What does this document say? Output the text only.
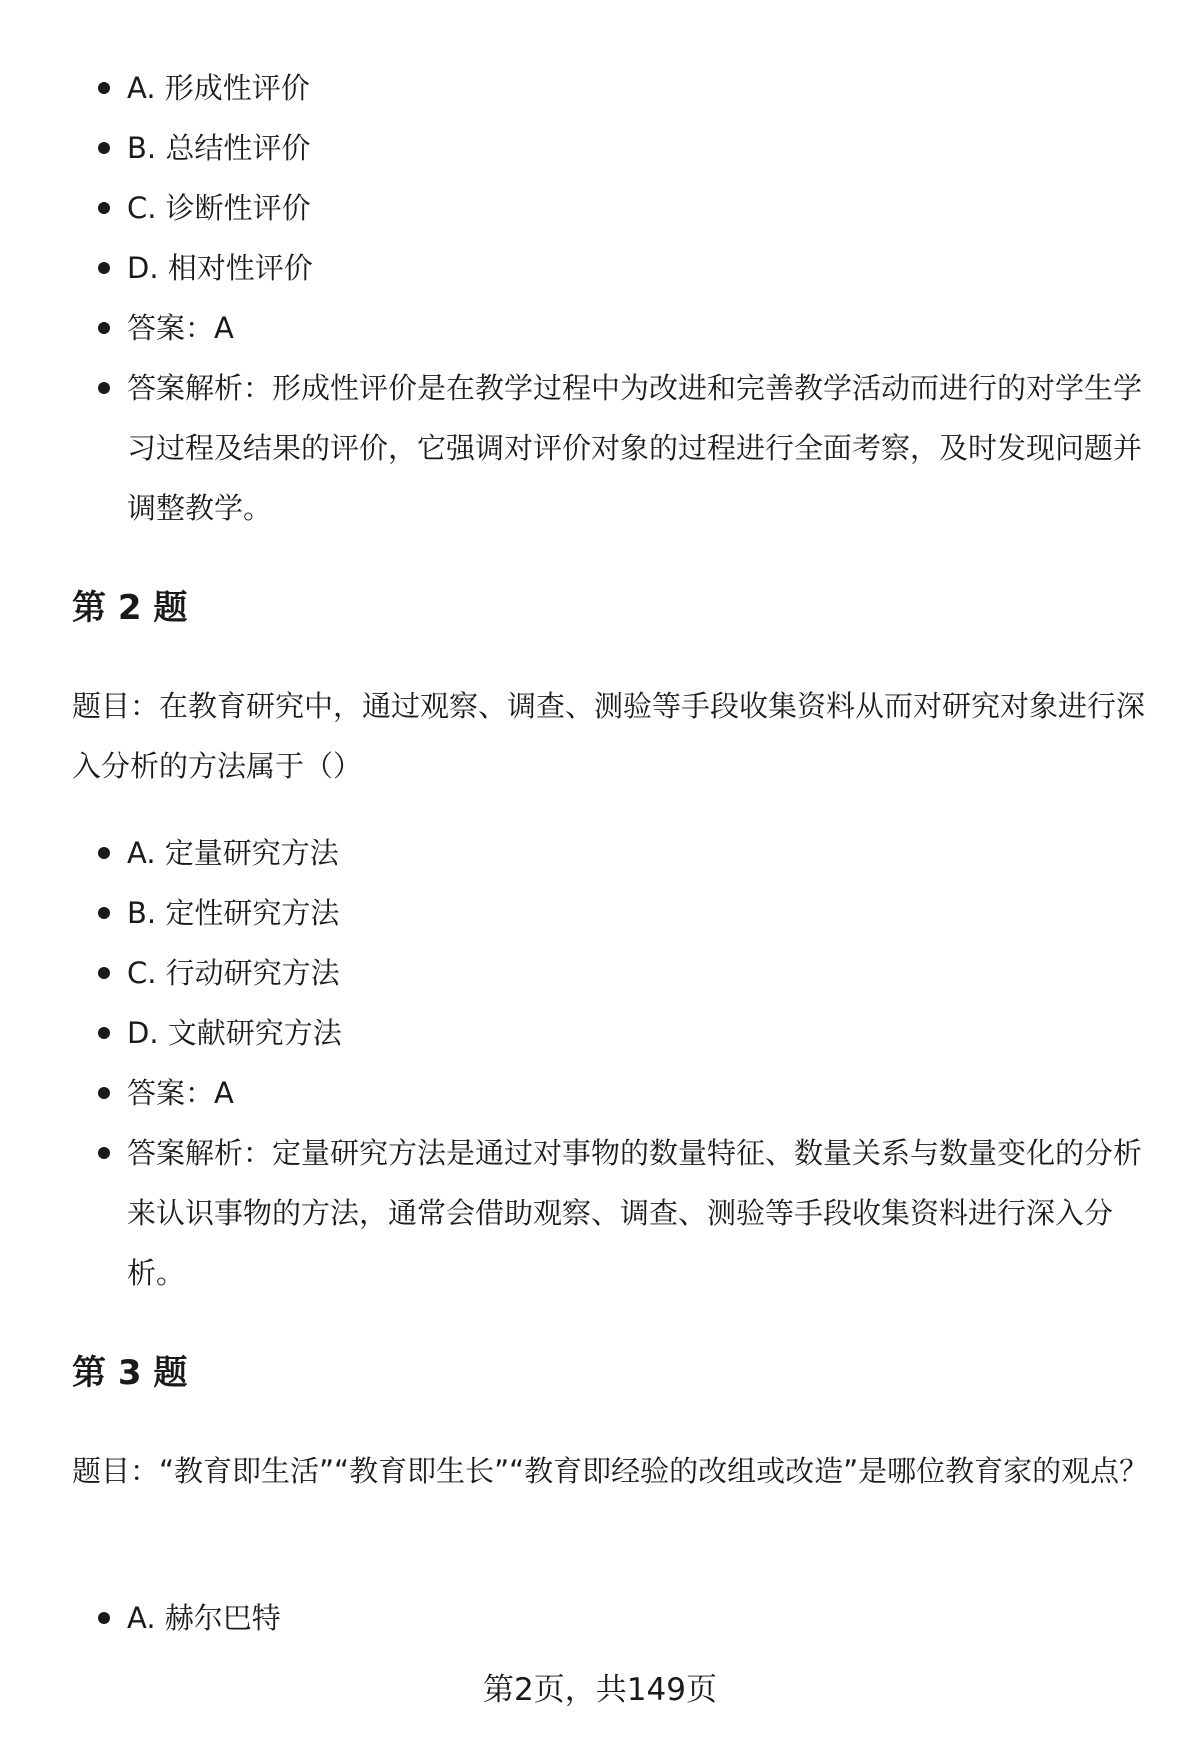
A. 形成性评价
B. 总结性评价
C. 诊断性评价
D. 相对性评价
答案：A
答案解析：形成性评价是在教学过程中为改进和完善教学活动而进行的对学生学习过程及结果的评价，它强调对评价对象的过程进行全面考察，及时发现问题并调整教学。
第 2 题

题目：在教育研究中，通过观察、调查、测验等手段收集资料从而对研究对象进行深入分析的方法属于（）

A. 定量研究方法
B. 定性研究方法
C. 行动研究方法
D. 文献研究方法
答案：A
答案解析：定量研究方法是通过对事物的数量特征、数量关系与数量变化的分析来认识事物的方法，通常会借助观察、调查、测验等手段收集资料进行深入分析。
第 3 题

题目：“教育即生活”“教育即生长”“教育即经验的改组或改造”是哪位教育家的观点？

A. 赫尔巴特
第2页，共149页
